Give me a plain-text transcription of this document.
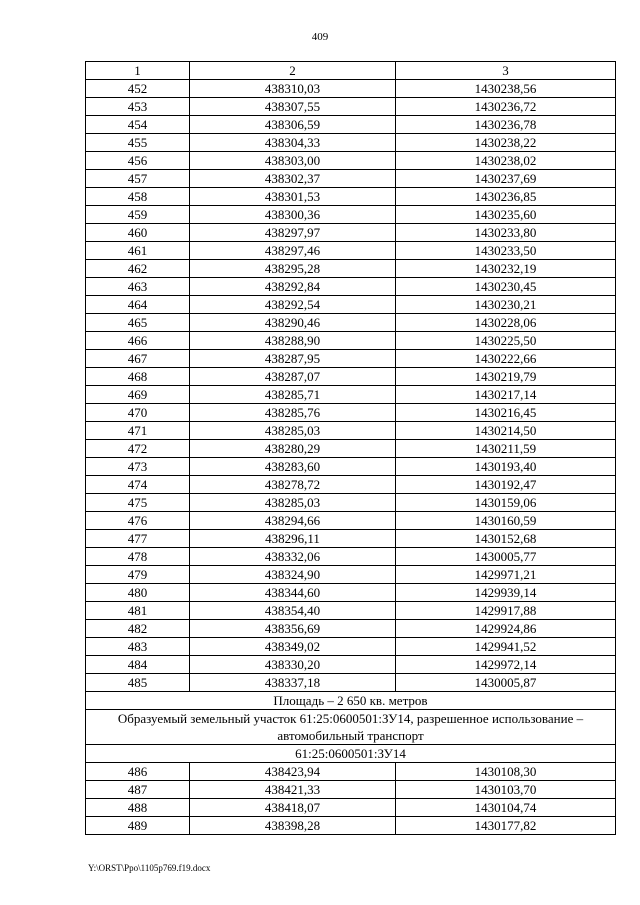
409
1	2	3
452	438310,03	1430238,56
453	438307,55	1430236,72
454	438306,59	1430236,78
455	438304,33	1430238,22
456	438303,00	1430238,02
457	438302,37	1430237,69
458	438301,53	1430236,85
459	438300,36	1430235,60
460	438297,97	1430233,80
461	438297,46	1430233,50
462	438295,28	1430232,19
463	438292,84	1430230,45
464	438292,54	1430230,21
465	438290,46	1430228,06
466	438288,90	1430225,50
467	438287,95	1430222,66
468	438287,07	1430219,79
469	438285,71	1430217,14
470	438285,76	1430216,45
471	438285,03	1430214,50
472	438280,29	1430211,59
473	438283,60	1430193,40
474	438278,72	1430192,47
475	438285,03	1430159,06
476	438294,66	1430160,59
477	438296,11	1430152,68
478	438332,06	1430005,77
479	438324,90	1429971,21
480	438344,60	1429939,14
481	438354,40	1429917,88
482	438356,69	1429924,86
483	438349,02	1429941,52
484	438330,20	1429972,14
485	438337,18	1430005,87
Площадь – 2 650 кв. метров		
Образуемый земельный участок 61:25:0600501:ЗУ14, разрешенное использование – автомобильный транспорт		
61:25:0600501:ЗУ14		
486	438423,94	1430108,30
487	438421,33	1430103,70
488	438418,07	1430104,74
489	438398,28	1430177,82
Y:\ORST\Ppo\1105p769.f19.docx
